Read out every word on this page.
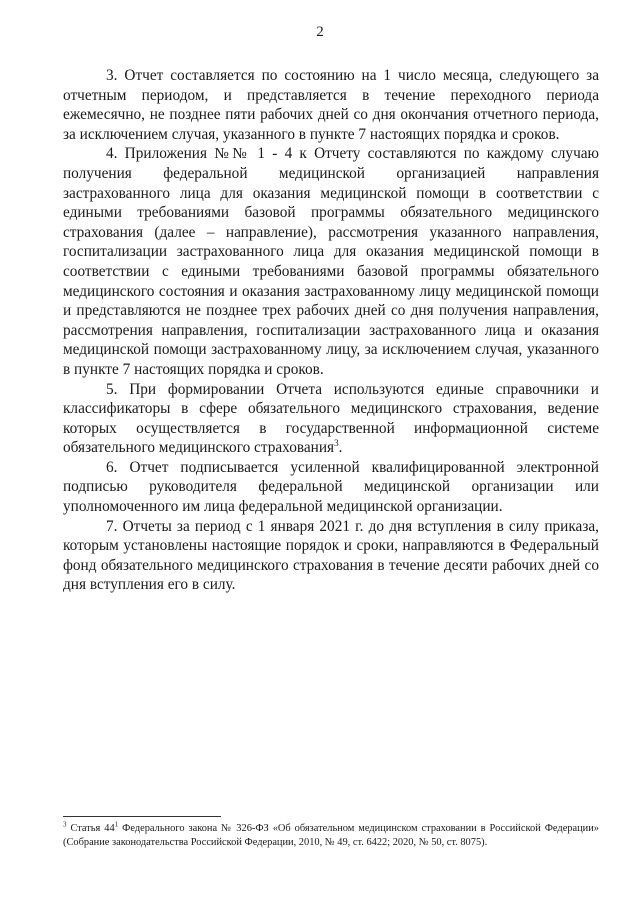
2

3. Отчет составляется по состоянию на 1 число месяца, следующего за отчетным периодом, и представляется в течение переходного периода ежемесячно, не позднее пяти рабочих дней со дня окончания отчетного периода, за исключением случая, указанного в пункте 7 настоящих порядка и сроков.

4. Приложения №№ 1 - 4 к Отчету составляются по каждому случаю получения федеральной медицинской организацией направления застрахованного лица для оказания медицинской помощи в соответствии с едиными требованиями базовой программы обязательного медицинского страхования (далее – направление), рассмотрения указанного направления, госпитализации застрахованного лица для оказания медицинской помощи в соответствии с едиными требованиями базовой программы обязательного медицинского состояния и оказания застрахованному лицу медицинской помощи и представляются не позднее трех рабочих дней со дня получения направления, рассмотрения направления, госпитализации застрахованного лица и оказания медицинской помощи застрахованному лицу, за исключением случая, указанного в пункте 7 настоящих порядка и сроков.

5. При формировании Отчета используются единые справочники и классификаторы в сфере обязательного медицинского страхования, ведение которых осуществляется в государственной информационной системе обязательного медицинского страхования$^3$.

6. Отчет подписывается усиленной квалифицированной электронной подписью руководителя федеральной медицинской организации или уполномоченного им лица федеральной медицинской организации.

7. Отчеты за период с 1 января 2021 г. до дня вступления в силу приказа, которым установлены настоящие порядок и сроки, направляются в Федеральный фонд обязательного медицинского страхования в течение десяти рабочих дней со дня вступления его в силу.

$^3$ Статья $44^1$ Федерального закона № 326-ФЗ «Об обязательном медицинском страховании в Российской Федерации» (Собрание законодательства Российской Федерации, 2010, № 49, ст. 6422; 2020, № 50, ст. 8075).
